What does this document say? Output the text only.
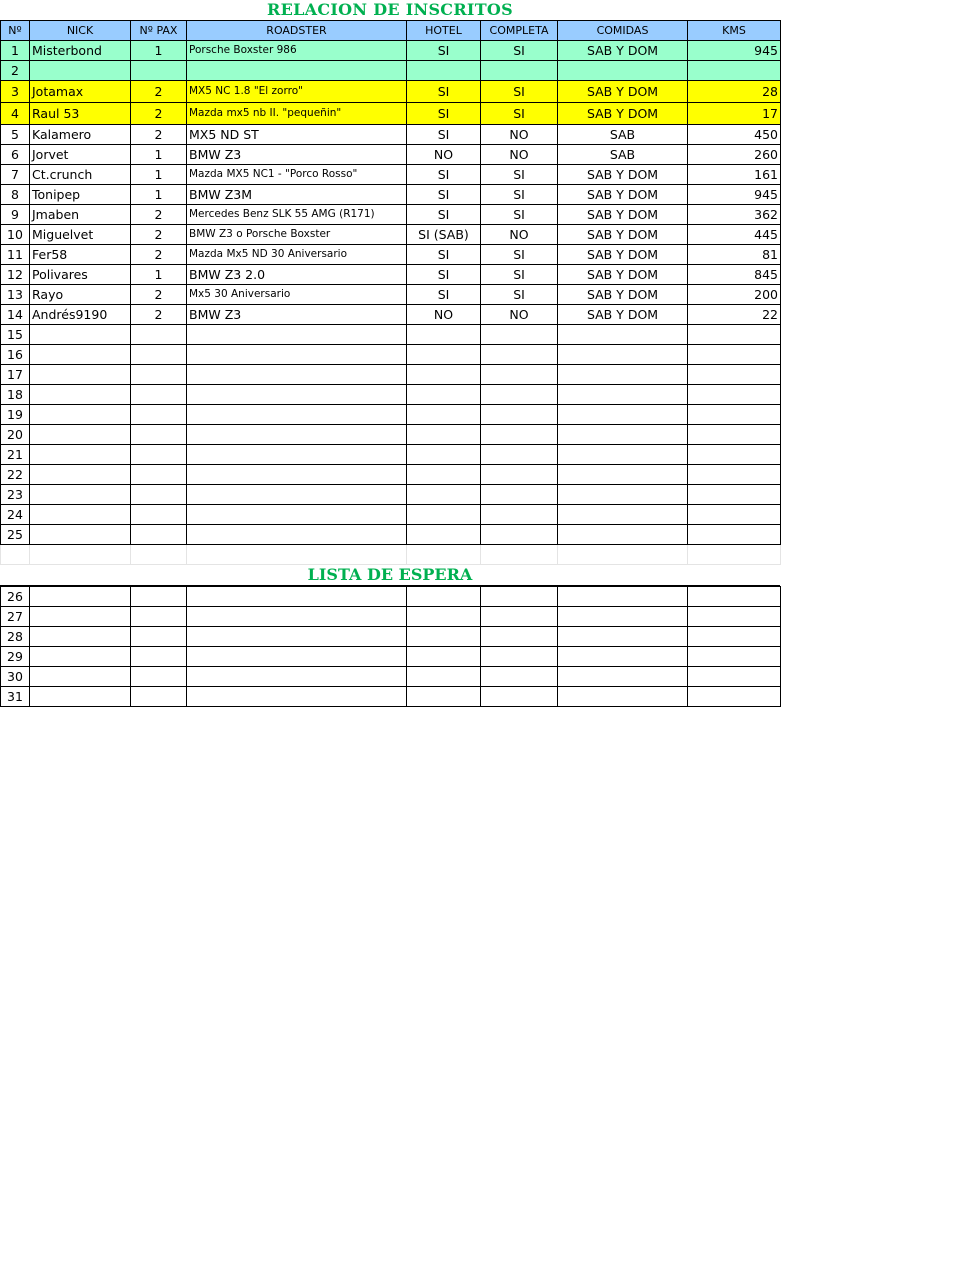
RELACION DE INSCRITOS
Nº	NICK	Nº PAX	ROADSTER	HOTEL	COMPLETA	COMIDAS	KMS
1	Misterbond	1	Porsche Boxster 986	SI	SI	SAB Y DOM	945
2							
3	Jotamax	2	MX5 NC 1.8 "El zorro"	SI	SI	SAB Y DOM	28
4	Raul 53	2	Mazda mx5 nb II. "pequeñin"	SI	SI	SAB Y DOM	17
5	Kalamero	2	MX5 ND ST	SI	NO	SAB	450
6	Jorvet	1	BMW Z3	NO	NO	SAB	260
7	Ct.crunch	1	Mazda MX5 NC1 - "Porco Rosso"	SI	SI	SAB Y DOM	161
8	Tonipep	1	BMW Z3M	SI	SI	SAB Y DOM	945
9	Jmaben	2	Mercedes Benz SLK 55 AMG (R171)	SI	SI	SAB Y DOM	362
10	Miguelvet	2	BMW Z3 o Porsche Boxster	SI (SAB)	NO	SAB Y DOM	445
11	Fer58	2	Mazda Mx5 ND 30 Aniversario	SI	SI	SAB Y DOM	81
12	Polivares	1	BMW Z3 2.0	SI	SI	SAB Y DOM	845
13	Rayo	2	Mx5 30 Aniversario	SI	SI	SAB Y DOM	200
14	Andrés9190	2	BMW Z3	NO	NO	SAB Y DOM	22
15							
16							
17							
18							
19							
20							
21							
22							
23							
24							
25							

LISTA DE ESPERA
26							
27							
28							
29							
30							
31							
